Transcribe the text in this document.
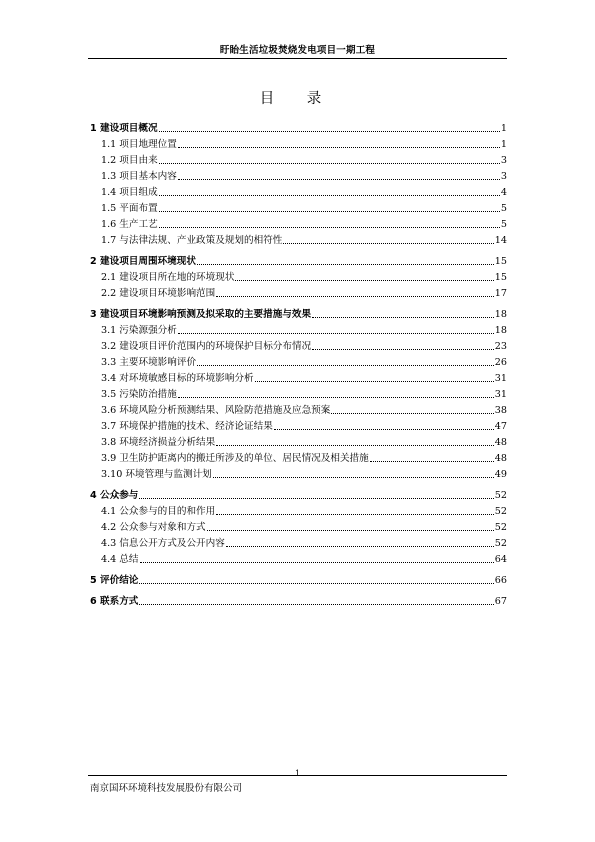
盱眙生活垃圾焚烧发电项目一期工程
目 录
1 建设项目概况	1
1.1 项目地理位置	1
1.2 项目由来	3
1.3 项目基本内容	3
1.4 项目组成	4
1.5 平面布置	5
1.6 生产工艺	5
1.7 与法律法规、产业政策及规划的相符性	14
2 建设项目周围环境现状	15
2.1 建设项目所在地的环境现状	15
2.2 建设项目环境影响范围	17
3 建设项目环境影响预测及拟采取的主要措施与效果	18
3.1 污染源强分析	18
3.2 建设项目评价范围内的环境保护目标分布情况	23
3.3 主要环境影响评价	26
3.4 对环境敏感目标的环境影响分析	31
3.5 污染防治措施	31
3.6 环境风险分析预测结果、风险防范措施及应急预案	38
3.7 环境保护措施的技术、经济论证结果	47
3.8 环境经济损益分析结果	48
3.9 卫生防护距离内的搬迁所涉及的单位、居民情况及相关措施	48
3.10 环境管理与监测计划	49
4 公众参与	52
4.1 公众参与的目的和作用	52
4.2 公众参与对象和方式	52
4.3 信息公开方式及公开内容	52
4.4 总结	64
5 评价结论	66
6 联系方式	67
1
南京国环环境科技发展股份有限公司
